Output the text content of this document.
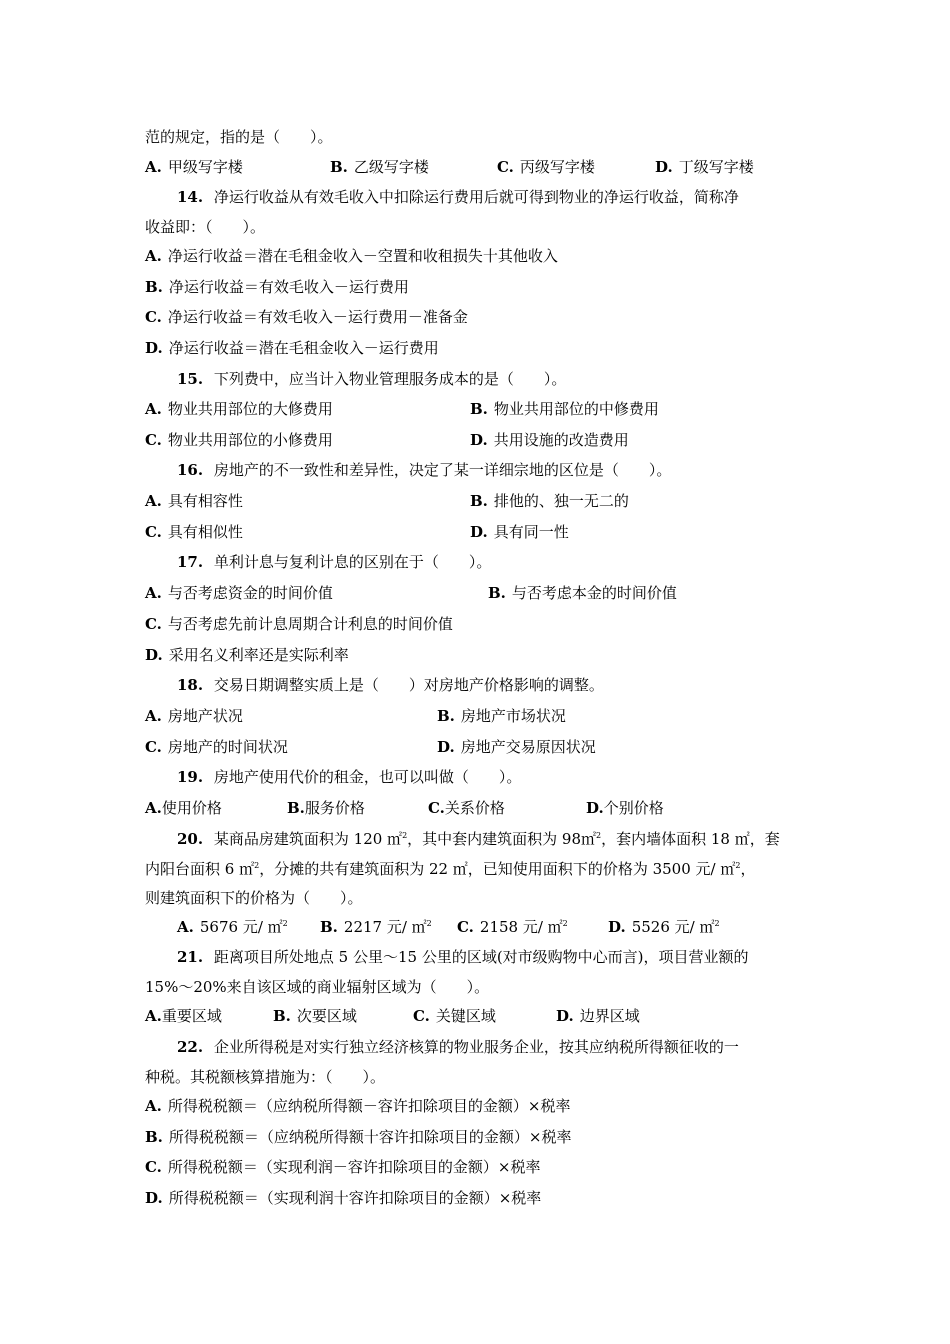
范的规定，指的是（　　）。
A. 甲级写字楼	B. 乙级写字楼	C. 丙级写字楼	D. 丁级写字楼
14. 净运行收益从有效毛收入中扣除运行费用后就可得到物业的净运行收益，简称净
收益即：（　　）。
A. 净运行收益＝潜在毛租金收入－空置和收租损失十其他收入
B. 净运行收益＝有效毛收入－运行费用
C. 净运行收益＝有效毛收入－运行费用－准备金
D. 净运行收益＝潜在毛租金收入－运行费用
15. 下列费中，应当计入物业管理服务成本的是（　　）。
A. 物业共用部位的大修费用	B. 物业共用部位的中修费用
C. 物业共用部位的小修费用	D. 共用设施的改造费用
16. 房地产的不一致性和差异性，决定了某一详细宗地的区位是（　　）。
A. 具有相容性	B. 排他的、独一无二的
C. 具有相似性	D. 具有同一性
17. 单利计息与复利计息的区别在于（　　）。
A. 与否考虑资金的时间价值	B. 与否考虑本金的时间价值
C. 与否考虑先前计息周期合计利息的时间价值
D. 采用名义利率还是实际利率
18. 交易日期调整实质上是（　　）对房地产价格影响的调整。
A. 房地产状况	B. 房地产市场状况
C. 房地产的时间状况	D. 房地产交易原因状况
19. 房地产使用代价的租金，也可以叫做（　　）。
A.使用价格	B.服务价格	C.关系价格	D.个别价格
20. 某商品房建筑面积为 120 ㎡$^2$，其中套内建筑面积为 98㎡$^2$，套内墙体面积 18 ㎡，套
内阳台面积 6 ㎡$^2$，分摊的共有建筑面积为 22 ㎡，已知使用面积下的价格为 3500 元/ ㎡$^2$，
则建筑面积下的价格为（　　）。
A. 5676 元/ ㎡$^2$ B. 2217 元/ ㎡$^2$ C. 2158 元/ ㎡$^2$	D. 5526 元/ ㎡$^2$
21. 距离项目所处地点 5 公里～15 公里的区域(对市级购物中心而言)，项目营业额的
15%～20%来自该区域的商业辐射区域为（　　）。
A.重要区域	B. 次要区域	C. 关键区域	D. 边界区域
22. 企业所得税是对实行独立经济核算的物业服务企业，按其应纳税所得额征收的一
种税。其税额核算措施为：（　　）。
A. 所得税税额＝（应纳税所得额－容许扣除项目的金额）×税率
B. 所得税税额＝（应纳税所得额十容许扣除项目的金额）×税率
C. 所得税税额＝（实现利润－容许扣除项目的金额）×税率
D. 所得税税额＝（实现利润十容许扣除项目的金额）×税率
